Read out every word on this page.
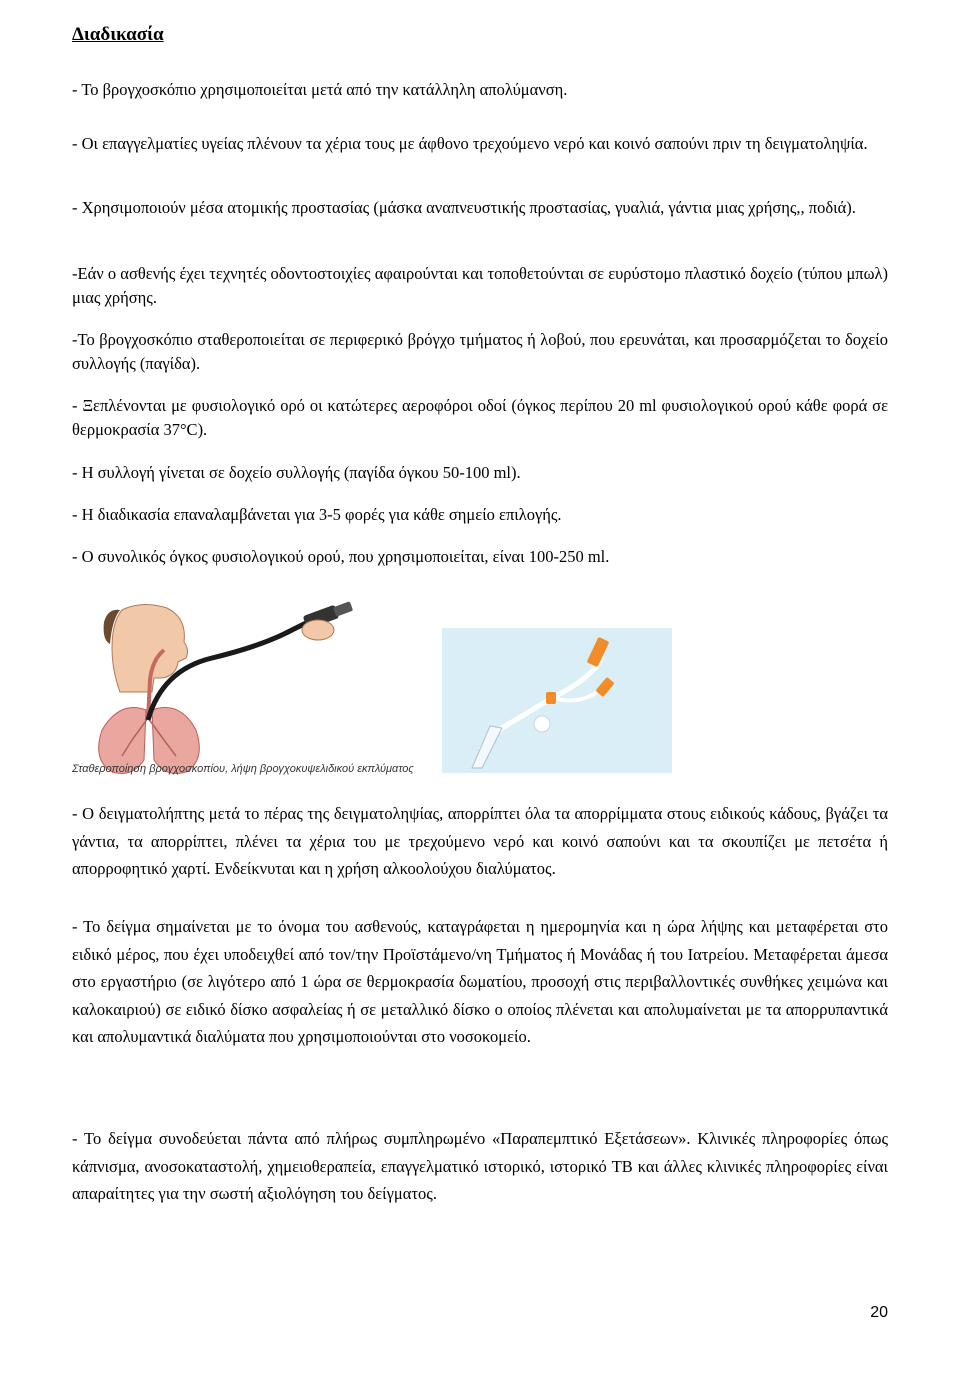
Διαδικασία
- Το βρογχοσκόπιο χρησιμοποιείται μετά από την κατάλληλη απολύμανση.
- Οι επαγγελματίες υγείας πλένουν τα χέρια τους με άφθονο τρεχούμενο νερό και κοινό σαπούνι πριν τη δειγματοληψία.
- Χρησιμοποιούν μέσα ατομικής προστασίας (μάσκα αναπνευστικής προστασίας, γυαλιά, γάντια μιας χρήσης,, ποδιά).
-Εάν ο ασθενής έχει τεχνητές οδοντοστοιχίες αφαιρούνται και τοποθετούνται σε ευρύστομο πλαστικό δοχείο (τύπου μπωλ) μιας χρήσης.
-Το βρογχοσκόπιο σταθεροποιείται σε περιφερικό βρόγχο τμήματος ή λοβού, που ερευνάται, και προσαρμόζεται το δοχείο συλλογής (παγίδα).
- Ξεπλένονται με φυσιολογικό ορό οι κατώτερες αεροφόροι οδοί (όγκος περίπου 20 ml φυσιολογικού ορού κάθε φορά σε θερμοκρασία 37°C).
- Η συλλογή γίνεται σε δοχείο συλλογής (παγίδα όγκου 50-100 ml).
- Η διαδικασία επαναλαμβάνεται για 3-5 φορές για κάθε σημείο επιλογής.
- Ο συνολικός όγκος φυσιολογικού ορού, που χρησιμοποιείται, είναι 100-250 ml.
Σταθεροποίηση βρογχοσκοπίου, λήψη βρογχοκυψελιδικού εκπλύματος
- Ο δειγματολήπτης μετά το πέρας της δειγματοληψίας, απορρίπτει όλα τα απορρίμματα στους ειδικούς κάδους, βγάζει τα γάντια, τα απορρίπτει, πλένει τα χέρια του με τρεχούμενο νερό και κοινό σαπούνι και τα σκουπίζει με πετσέτα ή απορροφητικό χαρτί. Ενδείκνυται και η χρήση αλκοολούχου διαλύματος.
- Το δείγμα σημαίνεται με το όνομα του ασθενούς, καταγράφεται η ημερομηνία και η ώρα λήψης και μεταφέρεται στο ειδικό μέρος, που έχει υποδειχθεί από τον/την Προϊστάμενο/νη Τμήματος ή Μονάδας ή του Ιατρείου. Μεταφέρεται άμεσα στο εργαστήριο (σε λιγότερο από 1 ώρα σε θερμοκρασία δωματίου, προσοχή στις περιβαλλοντικές συνθήκες χειμώνα και καλοκαιριού) σε ειδικό δίσκο ασφαλείας ή σε μεταλλικό δίσκο ο οποίος πλένεται και απολυμαίνεται με τα απορρυπαντικά και απολυμαντικά διαλύματα που χρησιμοποιούνται στο νοσοκομείο.
- Το δείγμα συνοδεύεται πάντα από πλήρως συμπληρωμένο «Παραπεμπτικό Εξετάσεων». Κλινικές πληροφορίες όπως κάπνισμα, ανοσοκαταστολή, χημειοθεραπεία, επαγγελματικό ιστορικό, ιστορικό TB και άλλες κλινικές πληροφορίες είναι απαραίτητες για την σωστή αξιολόγηση του δείγματος.
20
